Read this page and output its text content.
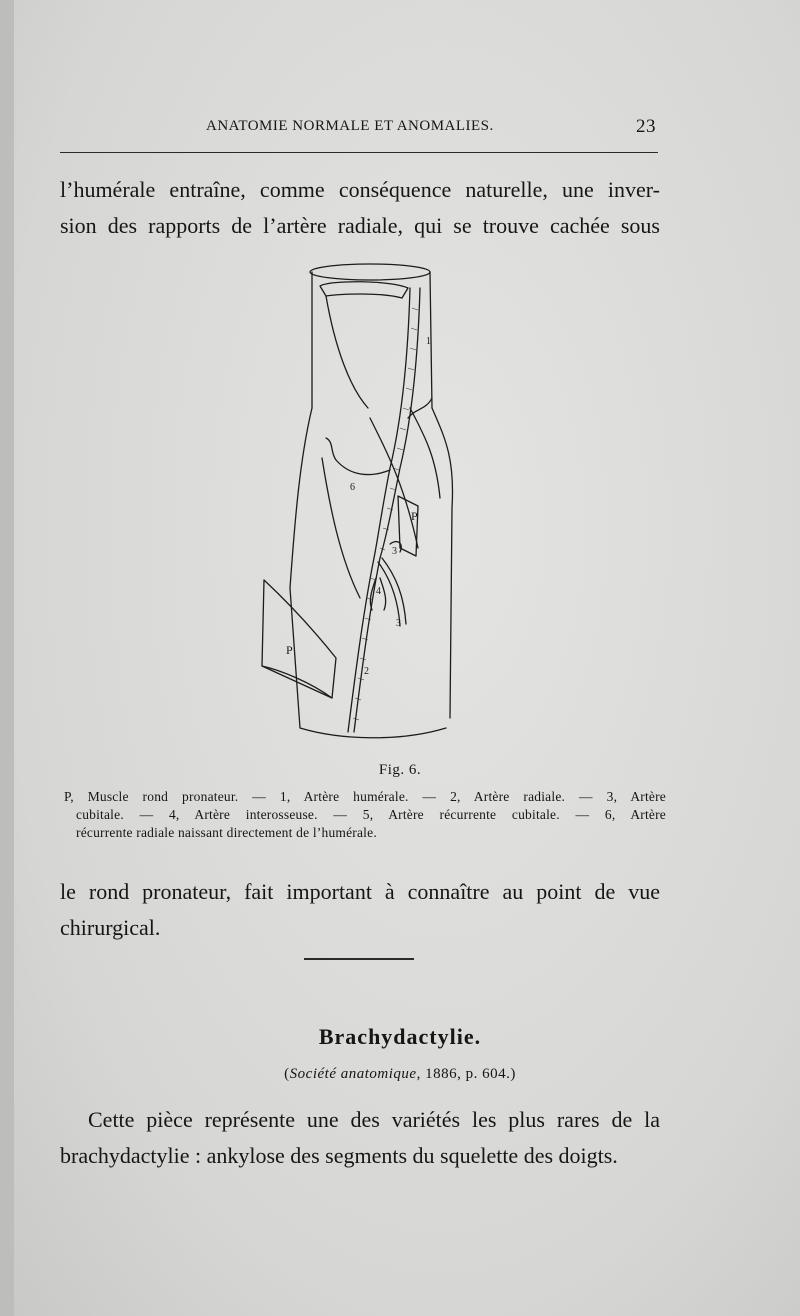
ANATOMIE NORMALE ET ANOMALIES.	23
l’humérale entraîne, comme conséquence naturelle, une inver-
sion des rapports de l’artère radiale, qui se trouve cachée sous
1
2
3
3
4
6
P
P
Fig. 6.
P, Muscle rond pronateur. — 1, Artère humérale. — 2, Artère radiale. — 3, Artère
cubitale. — 4, Artère interosseuse. — 5, Artère récurrente cubitale. — 6, Artère
récurrente radiale naissant directement de l’humérale.
le rond pronateur, fait important à connaître au point de vue
chirurgical.
Brachydactylie.
(Société anatomique, 1886, p. 604.)
Cette pièce représente une des variétés les plus rares de la
brachydactylie : ankylose des segments du squelette des doigts.
